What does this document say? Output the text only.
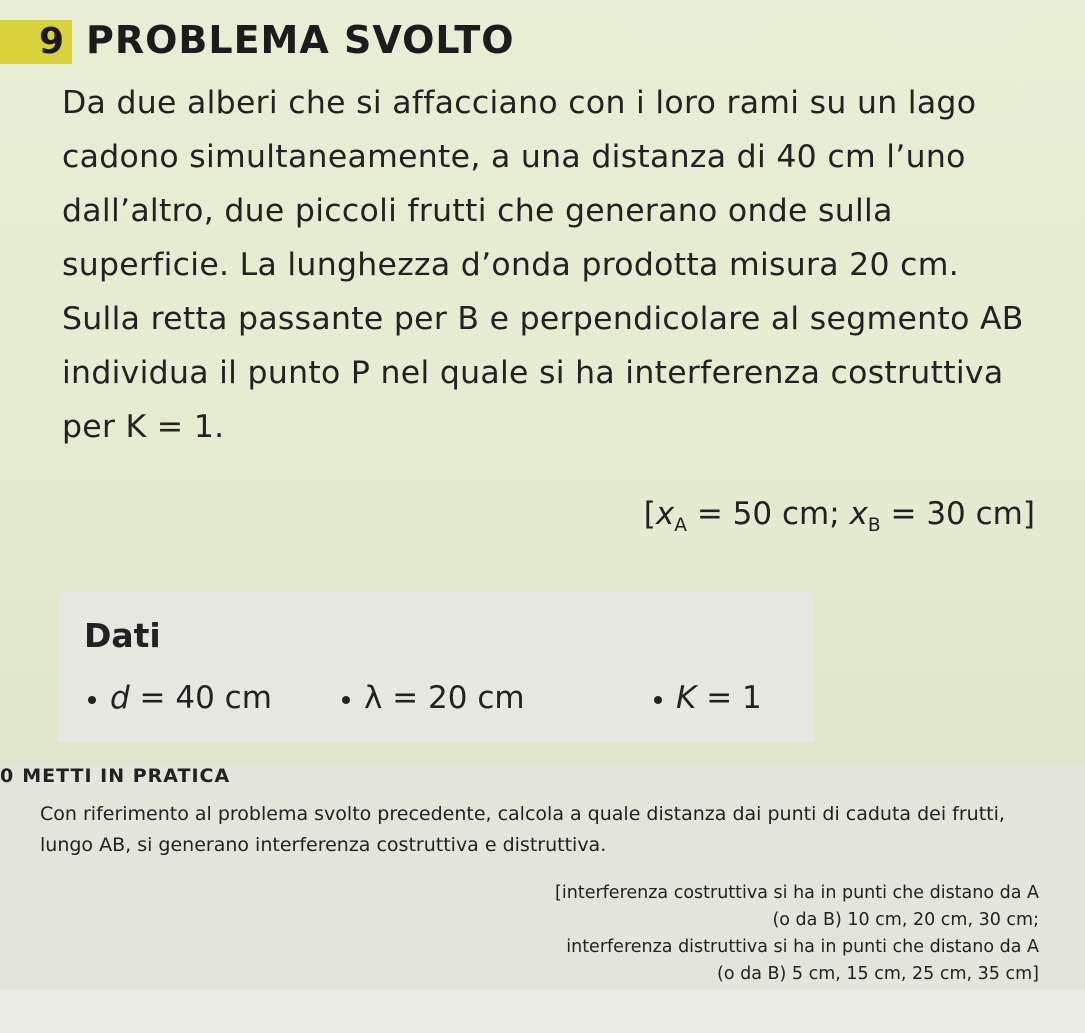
9 PROBLEMA SVOLTO

Da due alberi che si affacciano con i loro rami su un lago cadono simultaneamente, a una distanza di 40 cm l’uno dall’altro, due piccoli frutti che generano onde sulla superficie. La lunghezza d’onda prodotta misura 20 cm.

Sulla retta passante per B e perpendicolare al segmento AB individua il punto P nel quale si ha interferenza costruttiva per K = 1.

[$x_A = 50$ cm; $x_B = 30$ cm]
Dati
d = 40 cm	λ = 20 cm	K = 1
0 METTI IN PRATICA

Con riferimento al problema svolto precedente, calcola a quale distanza dai punti di caduta dei frutti, lungo AB, si generano interferenza costruttiva e distruttiva.

[interferenza costruttiva si ha in punti che distano da A

(o da B) 10 cm, 20 cm, 30 cm;

interferenza distruttiva si ha in punti che distano da A

(o da B) 5 cm, 15 cm, 25 cm, 35 cm]
